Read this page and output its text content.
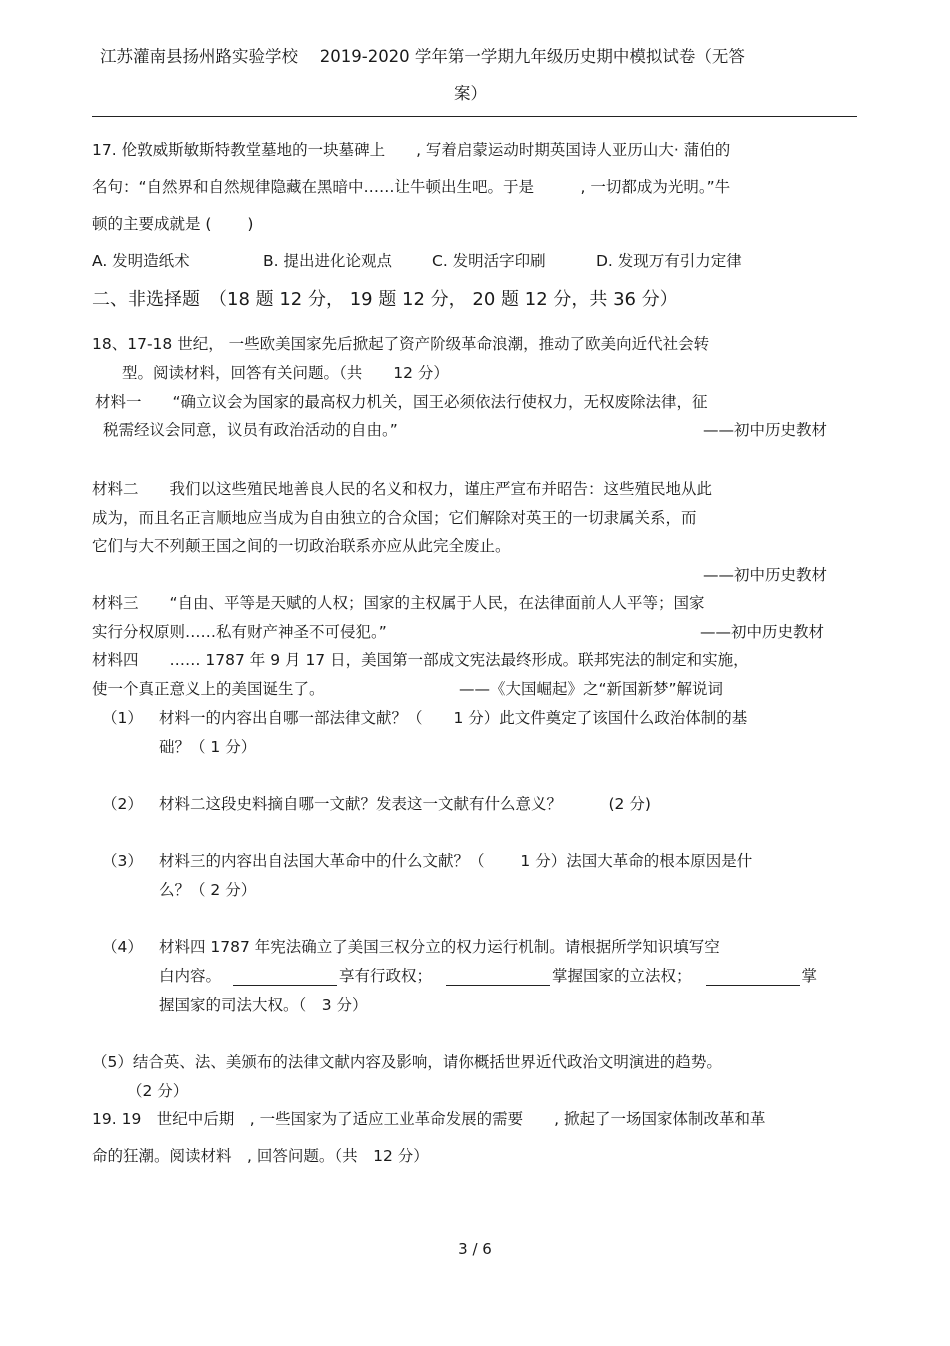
江苏灌南县扬州路实验学校　 2019-2020 学年第一学期九年级历史期中模拟试卷（无答
案）
17. 伦敦威斯敏斯特教堂墓地的一块墓碑上　　, 写着启蒙运动时期英国诗人亚历山大· 蒲伯的
名句：“自然界和自然规律隐藏在黑暗中……让牛顿出生吧。于是　　　, 一切都成为光明。”牛
顿的主要成就是 (　　 )
A. 发明造纸术	B. 提出进化论观点	C. 发明活字印刷	D. 发现万有引力定律
二、非选择题　（18 题 12 分， 19 题 12 分， 20 题 12 分，共 36 分）
18、17-18 世纪， 一些欧美国家先后掀起了资产阶级革命浪潮，推动了欧美向近代社会转
型。阅读材料，回答有关问题。（共　　12 分）
材料一　　“确立议会为国家的最高权力机关，国王必须依法行使权力，无权废除法律，征
税需经议会同意，议员有政治活动的自由。”	——初中历史教材
材料二　　我们以这些殖民地善良人民的名义和权力，谨庄严宣布并昭告：这些殖民地从此
成为，而且名正言顺地应当成为自由独立的合众国；它们解除对英王的一切隶属关系，而
它们与大不列颠王国之间的一切政治联系亦应从此完全废止。
——初中历史教材
材料三　　“自由、平等是天赋的人权；国家的主权属于人民，在法律面前人人平等；国家
实行分权原则……私有财产神圣不可侵犯。”	——初中历史教材
材料四　　…… 1787 年 9 月 17 日，美国第一部成文宪法最终形成。联邦宪法的制定和实施，
使一个真正意义上的美国诞生了。	——《大国崛起》之“新国新梦”解说词
（1） 材料一的内容出自哪一部法律文献？（　　1 分）此文件奠定了该国什么政治体制的基
础？（ 1 分）
（2） 材料二这段史料摘自哪一文献？发表这一文献有什么意义？　　　(2 分)
（3） 材料三的内容出自法国大革命中的什么文献？（　　 1 分）法国大革命的根本原因是什
么？（ 2 分）
（4） 材料四 1787 年宪法确立了美国三权分立的权力运行机制。请根据所学知识填写空
白内容。	享有行政权；	掌握国家的立法权；	掌
握国家的司法大权。（　3 分）
（5）结合英、法、美颁布的法律文献内容及影响，请你概括世界近代政治文明演进的趋势。
（2 分）
19. 19　世纪中后期　, 一些国家为了适应工业革命发展的需要　　, 掀起了一场国家体制改革和革
命的狂潮。阅读材料　, 回答问题。（共　12 分）
3 / 6
